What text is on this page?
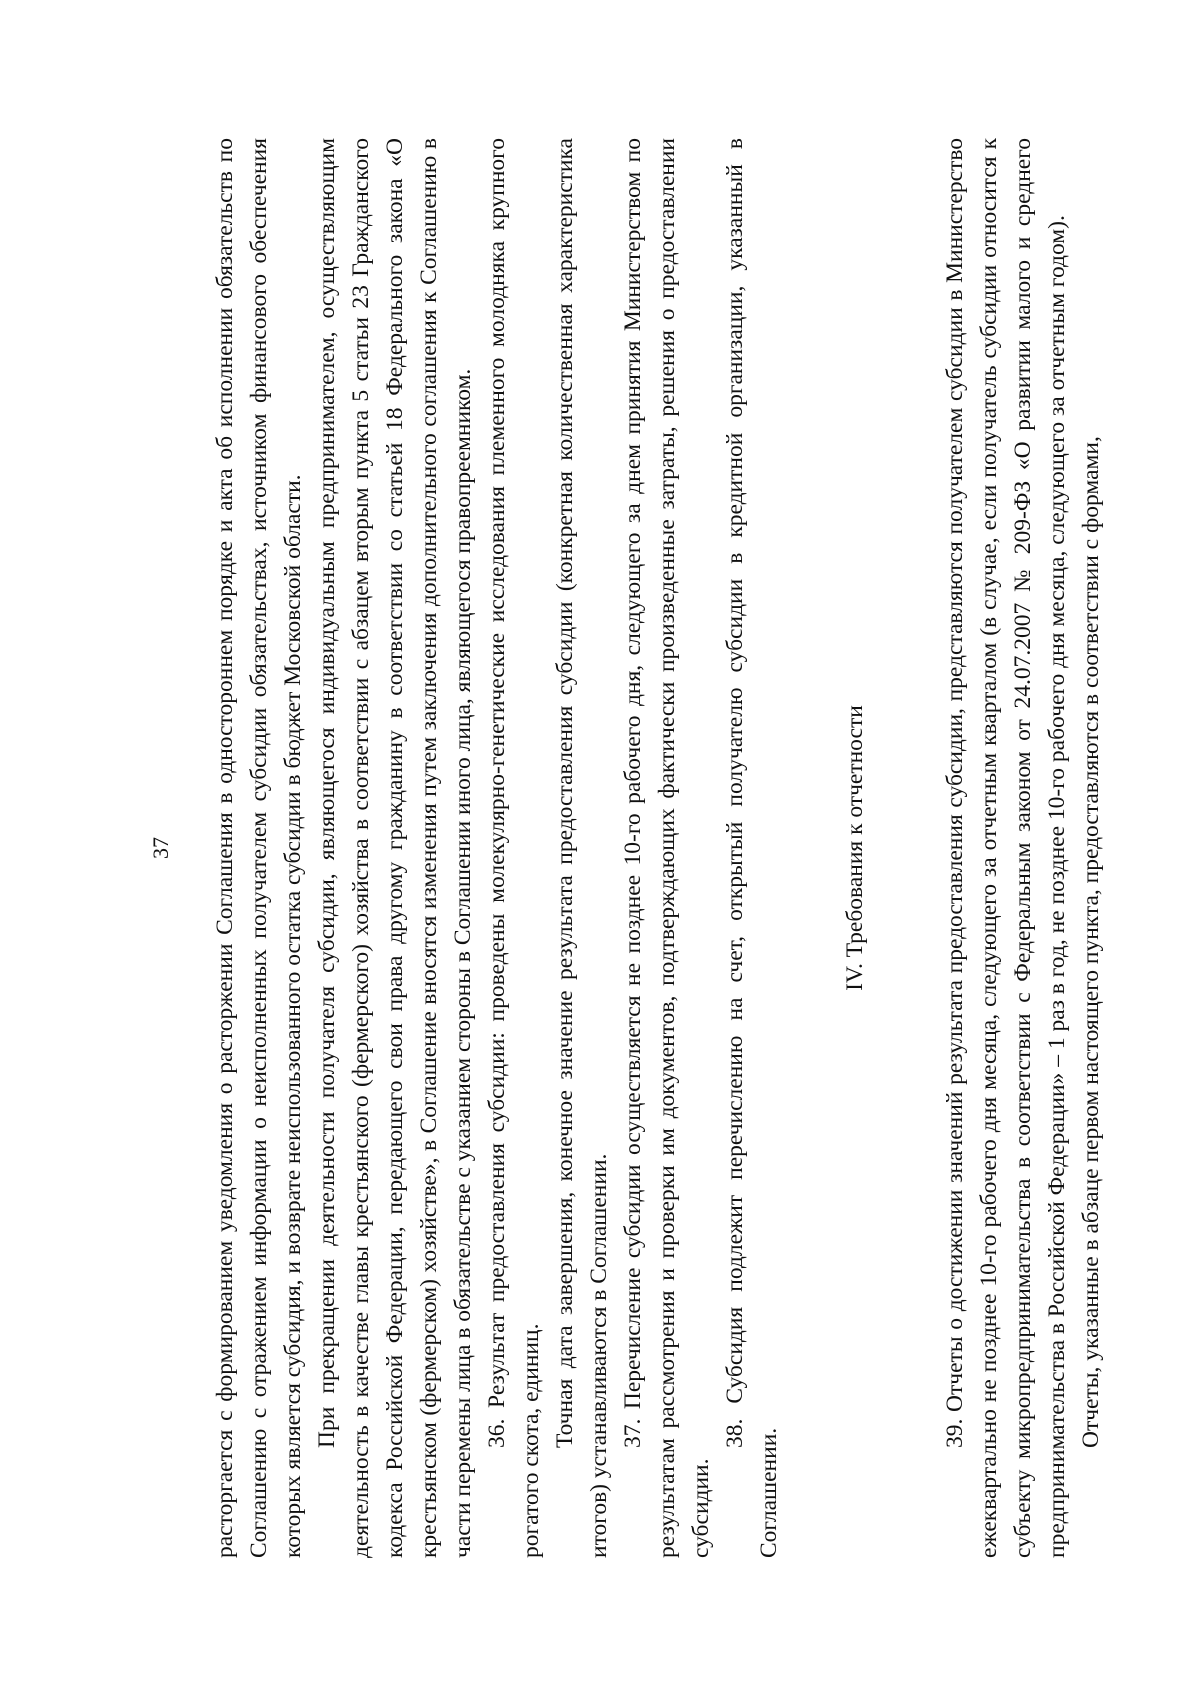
37 расторгается с формированием уведомления о расторжении Соглашения в одностороннем порядке и акта об исполнении обязательств по Соглашению с отражением информации о неисполненных получателем субсидии обязательствах, источником финансового обеспечения которых является субсидия, и возврате неиспользованного остатка субсидии в бюджет Московской области. При прекращении деятельности получателя субсидии, являющегося индивидуальным предпринимателем, осуществляющим деятельность в качестве главы крестьянского (фермерского) хозяйства в соответствии с абзацем вторым пункта 5 статьи 23 Гражданского кодекса Российской Федерации, передающего свои права другому гражданину в соответствии со статьей 18 Федерального закона «О крестьянском (фермерском) хозяйстве», в Соглашение вносятся изменения путем заключения дополнительного соглашения к Соглашению в части перемены лица в обязательстве с указанием стороны в Соглашении иного лица, являющегося правопреемником. 36. Результат предоставления субсидии: проведены молекулярно-генетические исследования племенного молодняка крупного рогатого скота, единиц. Точная дата завершения, конечное значение результата предоставления субсидии (конкретная количественная характеристика итогов) устанавливаются в Соглашении. 37. Перечисление субсидии осуществляется не позднее 10-го рабочего дня, следующего за днем принятия Министерством по результатам рассмотрения и проверки им документов, подтверждающих фактически произведенные затраты, решения о предоставлении субсидии.

38. Субсидия подлежит перечислению на счет, открытый получателю субсидии в кредитной организации, указанный в Соглашении.

IV. Требования к отчетности	39. Отчеты о достижении значений результата предоставления субсидии, представляются получателем субсидии в Министерство ежеквартально не позднее 10-го рабочего дня месяца, следующего за отчетным кварталом (в случае, если получатель субсидии относится к субъекту микропредпринимательства в соответствии с Федеральным законом от 24.07.2007 № 209-ФЗ «О развитии малого и среднего предпринимательства в Российской Федерации» – 1 раз в год, не позднее 10-го рабочего дня месяца, следующего за отчетным годом). Отчеты, указанные в абзаце первом настоящего пункта, предоставляются в соответствии с формами,
